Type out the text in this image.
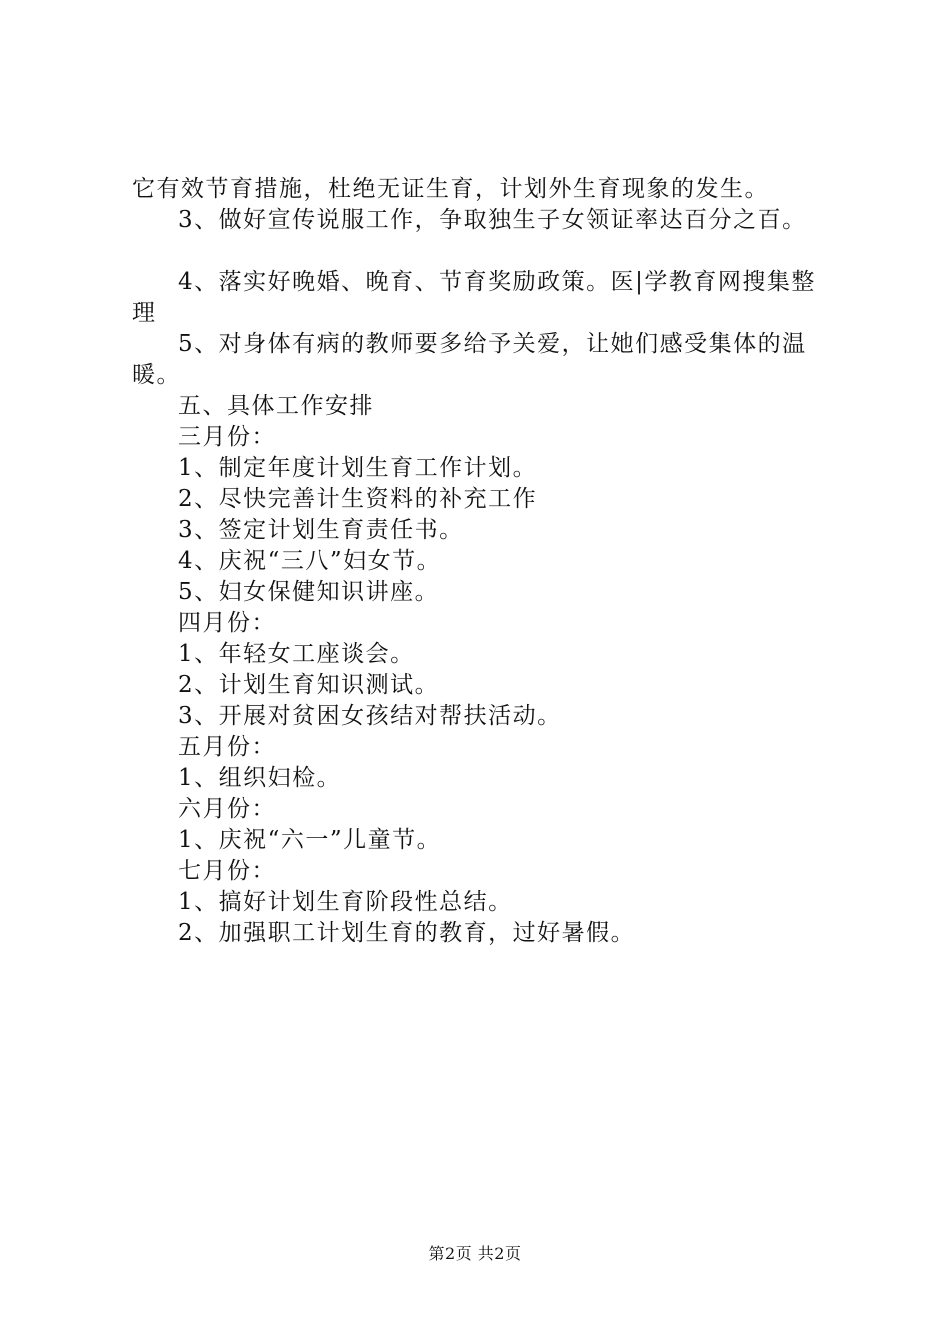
它有效节育措施，杜绝无证生育，计划外生育现象的发生。

3、做好宣传说服工作，争取独生子女领证率达百分之百。

4、落实好晚婚、晚育、节育奖励政策。医|学教育网搜集整理

5、对身体有病的教师要多给予关爱，让她们感受集体的温暖。

五、具体工作安排

三月份：

1、制定年度计划生育工作计划。

2、尽快完善计生资料的补充工作

3、签定计划生育责任书。

4、庆祝“三八”妇女节。

5、妇女保健知识讲座。

四月份：

1、年轻女工座谈会。

2、计划生育知识测试。

3、开展对贫困女孩结对帮扶活动。

五月份：

1、组织妇检。

六月份：

1、庆祝“六一”儿童节。

七月份：

1、搞好计划生育阶段性总结。

2、加强职工计划生育的教育，过好暑假。

第2页 共2页
